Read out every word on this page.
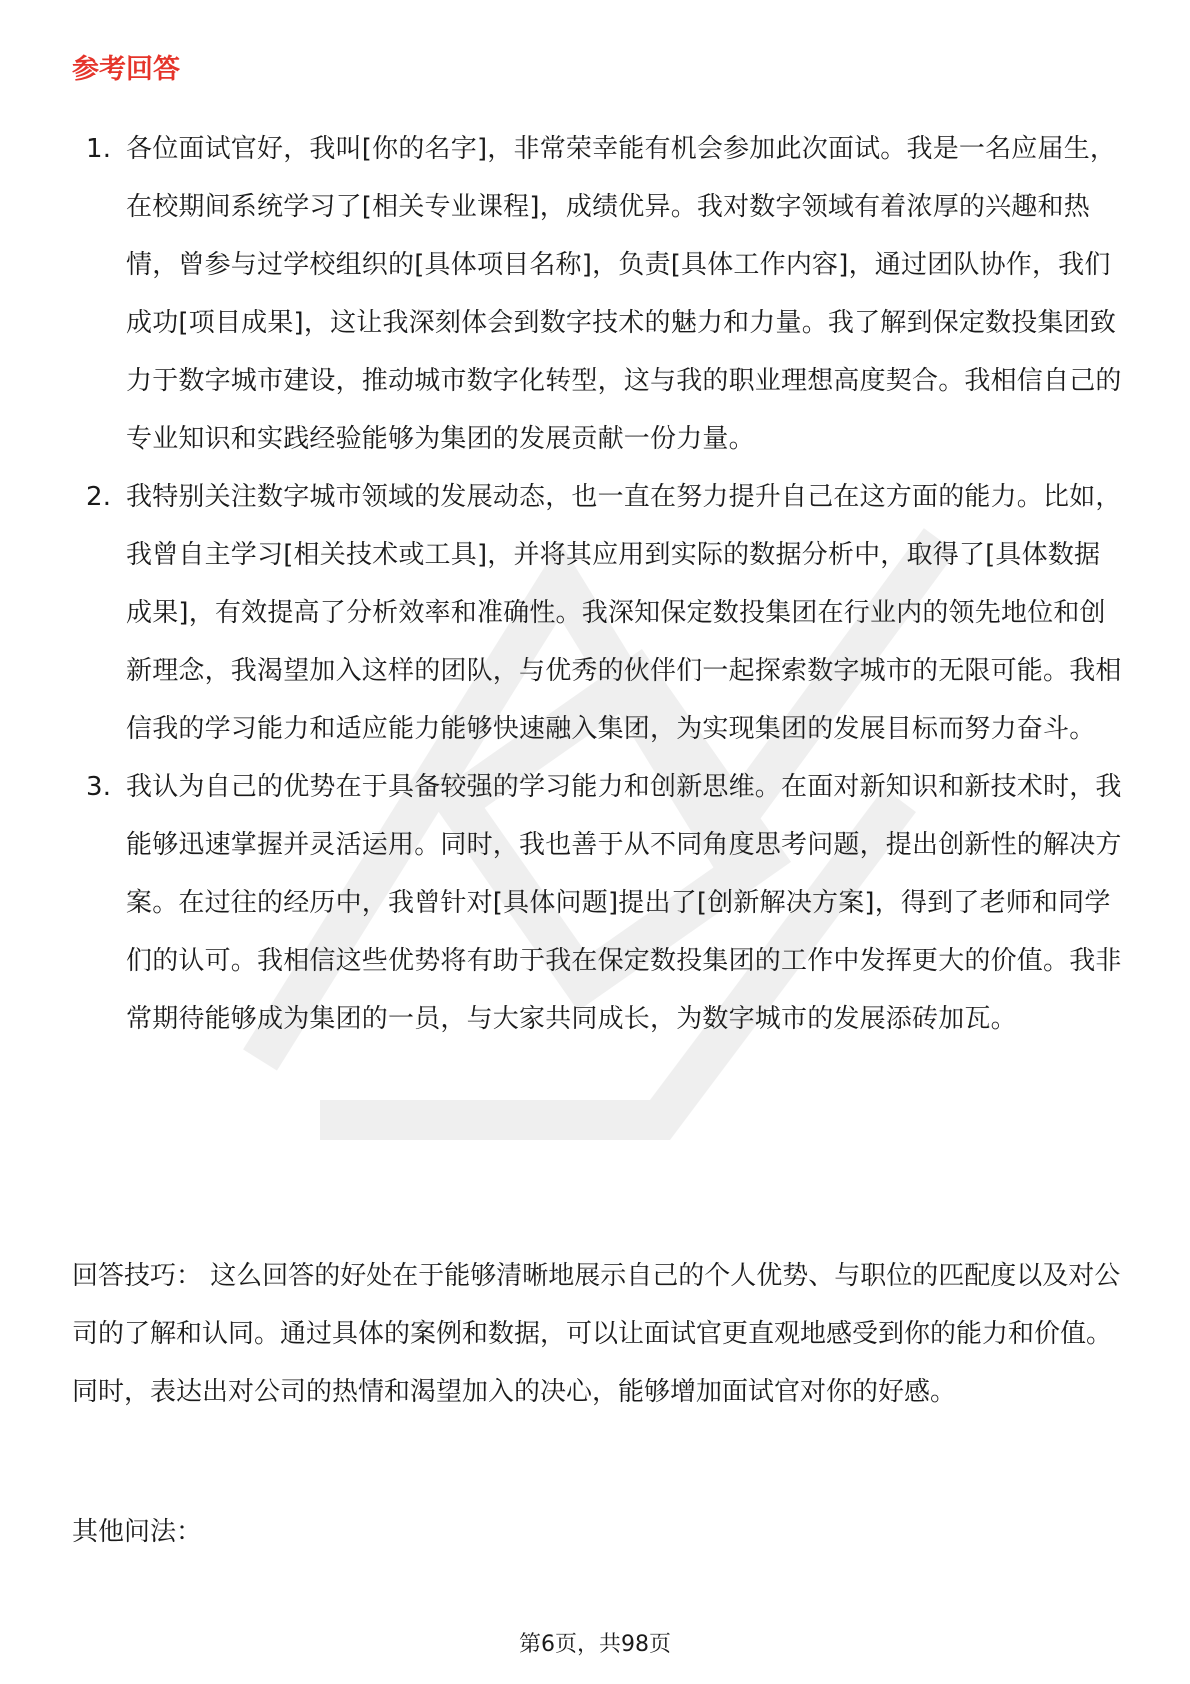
参考回答
1. 各位面试官好，我叫[你的名字]，非常荣幸能有机会参加此次面试。我是一名应届生，在校期间系统学习了[相关专业课程]，成绩优异。我对数字领域有着浓厚的兴趣和热情，曾参与过学校组织的[具体项目名称]，负责[具体工作内容]，通过团队协作，我们成功[项目成果]，这让我深刻体会到数字技术的魅力和力量。我了解到保定数投集团致力于数字城市建设，推动城市数字化转型，这与我的职业理想高度契合。我相信自己的专业知识和实践经验能够为集团的发展贡献一份力量。
2. 我特别关注数字城市领域的发展动态，也一直在努力提升自己在这方面的能力。比如，我曾自主学习[相关技术或工具]，并将其应用到实际的数据分析中，取得了[具体数据成果]，有效提高了分析效率和准确性。我深知保定数投集团在行业内的领先地位和创新理念，我渴望加入这样的团队，与优秀的伙伴们一起探索数字城市的无限可能。我相信我的学习能力和适应能力能够快速融入集团，为实现集团的发展目标而努力奋斗。
3. 我认为自己的优势在于具备较强的学习能力和创新思维。在面对新知识和新技术时，我能够迅速掌握并灵活运用。同时，我也善于从不同角度思考问题，提出创新性的解决方案。在过往的经历中，我曾针对[具体问题]提出了[创新解决方案]，得到了老师和同学们的认可。我相信这些优势将有助于我在保定数投集团的工作中发挥更大的价值。我非常期待能够成为集团的一员，与大家共同成长，为数字城市的发展添砖加瓦。

回答技巧： 这么回答的好处在于能够清晰地展示自己的个人优势、与职位的匹配度以及对公司的了解和认同。通过具体的案例和数据，可以让面试官更直观地感受到你的能力和价值。同时，表达出对公司的热情和渴望加入的决心，能够增加面试官对你的好感。

其他问法：

第6页，共98页
